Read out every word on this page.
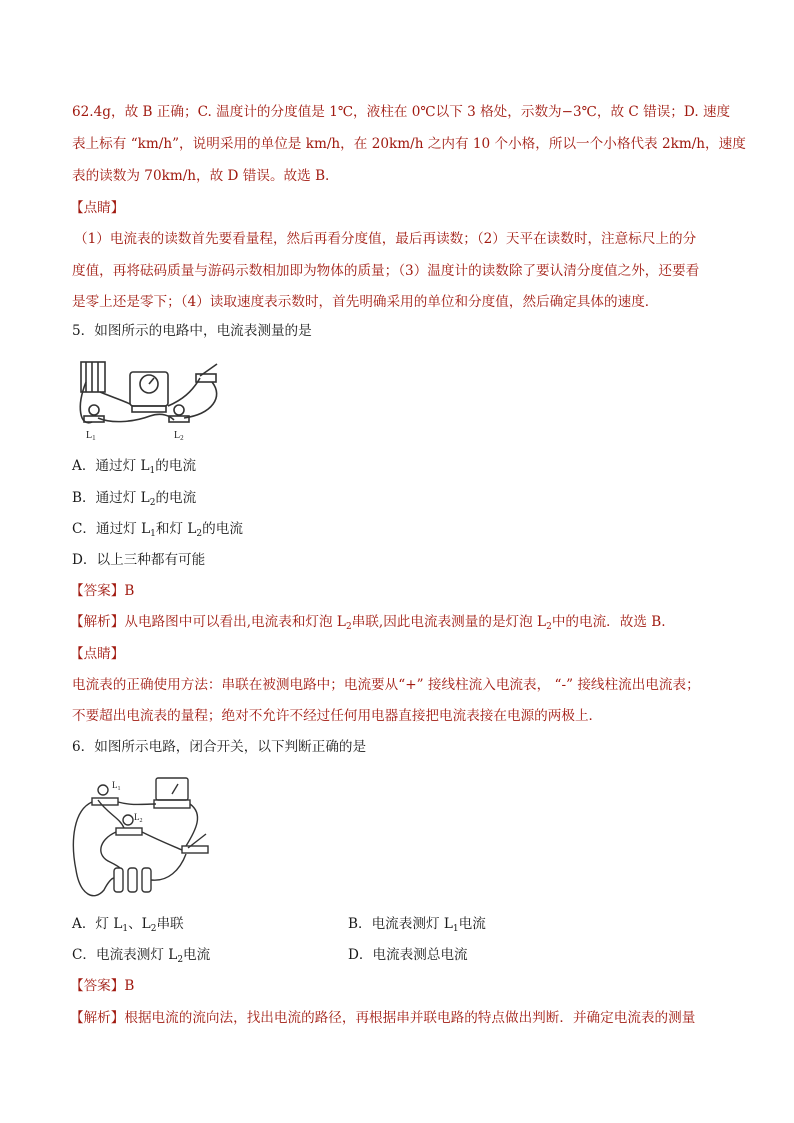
62.4g，故 B 正确；C. 温度计的分度值是 1℃，液柱在 0℃以下 3 格处，示数为−3℃，故 C 错误；D. 速度
表上标有 “km/h”，说明采用的单位是 km/h，在 20km/h 之内有 10 个小格，所以一个小格代表 2km/h，速度
表的读数为 70km/h，故 D 错误。故选 B.
【点睛】
（1）电流表的读数首先要看量程，然后再看分度值，最后再读数；（2）天平在读数时，注意标尺上的分
度值，再将砝码质量与游码示数相加即为物体的质量；（3）温度计的读数除了要认清分度值之外，还要看
是零上还是零下；（4）读取速度表示数时，首先明确采用的单位和分度值，然后确定具体的速度．
5．如图所示的电路中，电流表测量的是
$L_1$	$L_2$
A．通过灯 $L_1$的电流
B．通过灯 $L_2$的电流
C．通过灯 $L_1$和灯 $L_2$的电流
D．以上三种都有可能
【答案】B
【解析】从电路图中可以看出,电流表和灯泡 $L_2$串联,因此电流表测量的是灯泡 $L_2$中的电流．故选 B.
【点睛】
电流表的正确使用方法：串联在被测电路中；电流要从“+” 接线柱流入电流表， “-” 接线柱流出电流表；
不要超出电流表的量程；绝对不允许不经过任何用电器直接把电流表接在电源的两极上．
6．如图所示电路，闭合开关，以下判断正确的是
$L_1$
$L_2$
A．灯 $L_1$、$L_2$串联	B．电流表测灯 $L_1$电流
C．电流表测灯 $L_2$电流	D．电流表测总电流
【答案】B
【解析】根据电流的流向法，找出电流的路径，再根据串并联电路的特点做出判断．并确定电流表的测量
